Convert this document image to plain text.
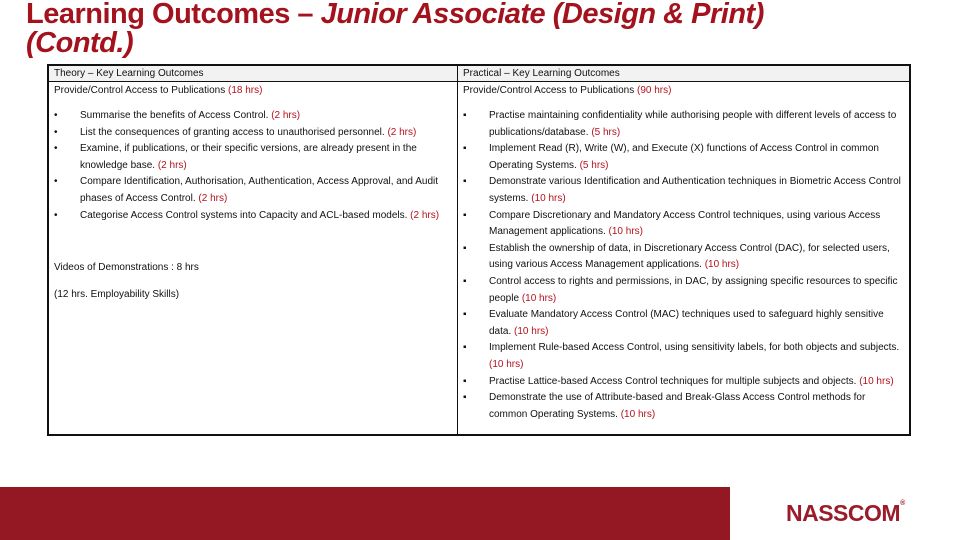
Learning Outcomes – Junior Associate (Design & Print) (Contd.)
Theory – Key Learning Outcomes
Provide/Control Access to Publications (18 hrs)
• Summarise the benefits of Access Control. (2 hrs)
• List the consequences of granting access to unauthorised personnel. (2 hrs)
• Examine, if publications, or their specific versions, are already present in the knowledge base. (2 hrs)
• Compare Identification, Authorisation, Authentication, Access Approval, and Audit phases of Access Control. (2 hrs)
• Categorise Access Control systems into Capacity and ACL-based models. (2 hrs)
Videos of Demonstrations : 8 hrs
(12 hrs. Employability Skills)
Practical – Key Learning Outcomes
Provide/Control Access to Publications (90 hrs)
▪ Practise maintaining confidentiality while authorising people with different levels of access to publications/database. (5 hrs)
▪ Implement Read (R), Write (W), and Execute (X) functions of Access Control in common Operating Systems. (5 hrs)
▪ Demonstrate various Identification and Authentication techniques in Biometric Access Control systems. (10 hrs)
▪ Compare Discretionary and Mandatory Access Control techniques, using various Access Management applications. (10 hrs)
▪ Establish the ownership of data, in Discretionary Access Control (DAC), for selected users, using various Access Management applications. (10 hrs)
▪ Control access to rights and permissions, in DAC, by assigning specific resources to specific people (10 hrs)
▪ Evaluate Mandatory Access Control (MAC) techniques used to safeguard highly sensitive data. (10 hrs)
▪ Implement Rule-based Access Control, using sensitivity labels, for both objects and subjects. (10 hrs)
▪ Practise Lattice-based Access Control techniques for multiple subjects and objects. (10 hrs)
▪ Demonstrate the use of Attribute-based and Break-Glass Access Control methods for common Operating Systems. (10 hrs)
NASSCOM®
